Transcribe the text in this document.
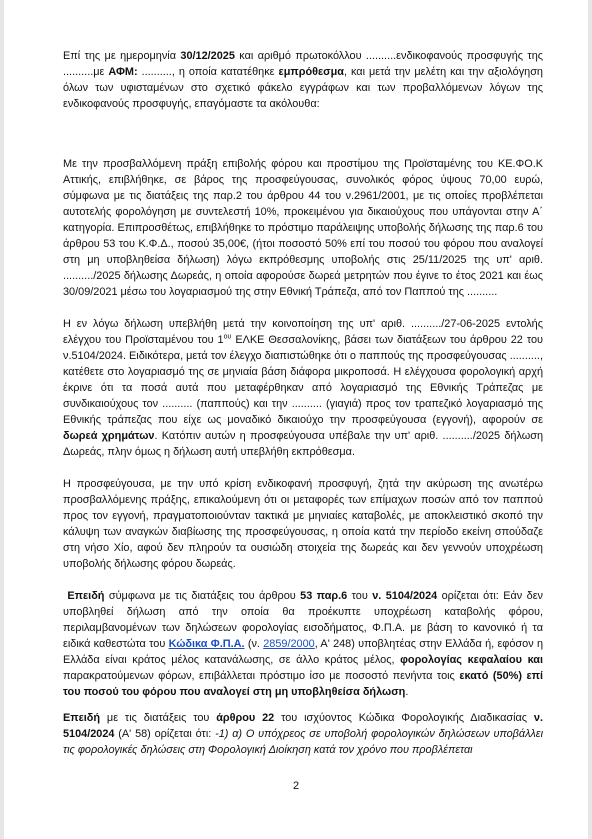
Επί της με ημερομηνία 30/12/2025 και αριθμό πρωτοκόλλου ..........ενδικοφανούς προσφυγής της ..........με ΑΦΜ: .........., η οποία κατατέθηκε εμπρόθεσμα, και μετά την μελέτη και την αξιολόγηση όλων των υφισταμένων στο σχετικό φάκελο εγγράφων και των προβαλλόμενων λόγων της ενδικοφανούς προσφυγής, επαγόμαστε τα ακόλουθα:

Με την προσβαλλόμενη πράξη επιβολής φόρου και προστίμου της Προϊσταμένης του ΚΕ.ΦΟ.Κ Αττικής, επιβλήθηκε, σε βάρος της προσφεύγουσας, συνολικός φόρος ύψους 70,00 ευρώ, σύμφωνα με τις διατάξεις της παρ.2 του άρθρου 44 του ν.2961/2001, με τις οποίες προβλέπεται αυτοτελής φορολόγηση με συντελεστή 10%, προκειμένου για δικαιούχους που υπάγονται στην Α΄ κατηγορία. Επιπροσθέτως, επιβλήθηκε το πρόστιμο παράλειψης υποβολής δήλωσης της παρ.6 του άρθρου 53 του Κ.Φ.Δ., ποσού 35,00€, (ήτοι ποσοστό 50% επί του ποσού του φόρου που αναλογεί στη μη υποβληθείσα δήλωση) λόγω εκπρόθεσμης υποβολής στις 25/11/2025 της υπ' αριθ. ........../2025 δήλωσης Δωρεάς, η οποία αφορούσε δωρεά μετρητών που έγινε το έτος 2021 και έως 30/09/2021 μέσω του λογαριασμού της στην Εθνική Τράπεζα, από τον Παππού της ..........

Η εν λόγω δήλωση υπεβλήθη μετά την κοινοποίηση της υπ' αριθ. ........../27-06-2025 εντολής ελέγχου του Προϊσταμένου του $1^{o\upsilon}$ ΕΛΚΕ Θεσσαλονίκης, βάσει των διατάξεων του άρθρου 22 του ν.5104/2024. Ειδικότερα, μετά τον έλεγχο διαπιστώθηκε ότι ο παππούς της προσφεύγουσας .........., κατέθετε στο λογαριασμό της σε μηνιαία βάση διάφορα μικροποσά. Η ελέγχουσα φορολογική αρχή έκρινε ότι τα ποσά αυτά που μεταφέρθηκαν από λογαριασμό της Εθνικής Τράπεζας με συνδικαιούχους τον .......... (παππούς) και την .......... (γιαγιά) προς τον τραπεζικό λογαριασμό της Εθνικής τράπεζας που είχε ως μοναδικό δικαιούχο την προσφεύγουσα (εγγονή), αφορούν σε δωρεά χρημάτων. Κατόπιν αυτών η προσφεύγουσα υπέβαλε την υπ' αριθ. ........../2025 δήλωση Δωρεάς, πλην όμως η δήλωση αυτή υπεβλήθη εκπρόθεσμα.

Η προσφεύγουσα, με την υπό κρίση ενδικοφανή προσφυγή, ζητά την ακύρωση της ανωτέρω προσβαλλόμενης πράξης, επικαλούμενη ότι οι μεταφορές των επίμαχων ποσών από τον παππού προς τον εγγονή, πραγματοποιούνταν τακτικά με μηνιαίες καταβολές, με αποκλειστικό σκοπό την κάλυψη των αναγκών διαβίωσης της προσφεύγουσας, η οποία κατά την περίοδο εκείνη σπούδαζε στη νήσο Χίο, αφού δεν πληρούν τα ουσιώδη στοιχεία της δωρεάς και δεν γεννούν υποχρέωση υποβολής δήλωσης φόρου δωρεάς.

Επειδή σύμφωνα με τις διατάξεις του άρθρου 53 παρ.6 του ν. 5104/2024 ορίζεται ότι: Εάν δεν υποβληθεί δήλωση από την οποία θα προέκυπτε υποχρέωση καταβολής φόρου, περιλαμβανομένων των δηλώσεων φορολογίας εισοδήματος, Φ.Π.Α. με βάση το κανονικό ή τα ειδικά καθεστώτα του Κώδικα Φ.Π.Α. (ν. 2859/2000, Α' 248) υποβλητέας στην Ελλάδα ή, εφόσον η Ελλάδα είναι κράτος μέλος κατανάλωσης, σε άλλο κράτος μέλος, φορολογίας κεφαλαίου και παρακρατούμενων φόρων, επιβάλλεται πρόστιμο ίσο με ποσοστό πενήντα τοις εκατό (50%) επί του ποσού του φόρου που αναλογεί στη μη υποβληθείσα δήλωση.

Επειδή με τις διατάξεις του άρθρου 22 του ισχύοντος Κώδικα Φορολογικής Διαδικασίας ν. 5104/2024 (Α' 58) ορίζεται ότι: -1) α) Ο υπόχρεος σε υποβολή φορολογικών δηλώσεων υποβάλλει τις φορολογικές δηλώσεις στη Φορολογική Διοίκηση κατά τον χρόνο που προβλέπεται

2
